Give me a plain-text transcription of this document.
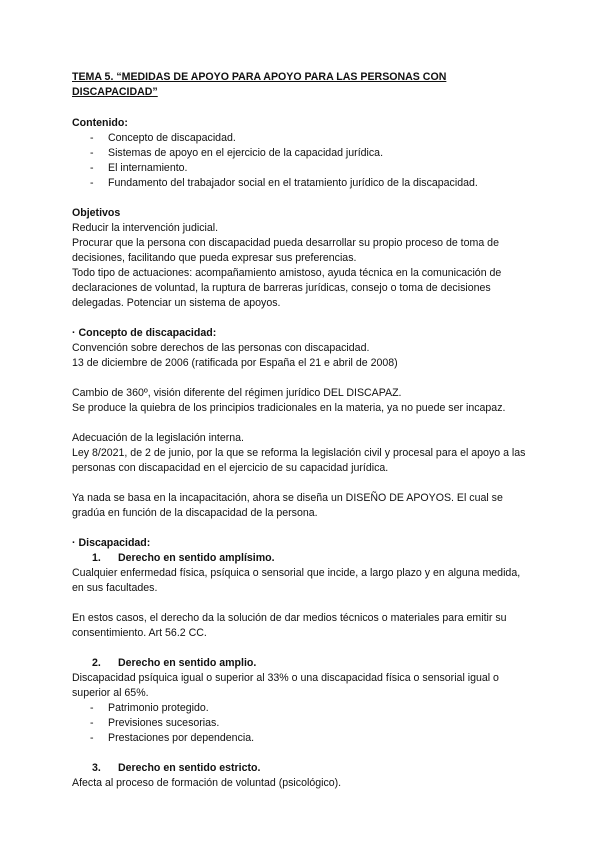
TEMA 5. “MEDIDAS DE APOYO PARA APOYO PARA LAS PERSONAS CON DISCAPACIDAD”

Contenido:

- Concepto de discapacidad.
- Sistemas de apoyo en el ejercicio de la capacidad jurídica.
- El internamiento.
- Fundamento del trabajador social en el tratamiento jurídico de la discapacidad.

Objetivos

Reducir la intervención judicial.

Procurar que la persona con discapacidad pueda desarrollar su propio proceso de toma de decisiones, facilitando que pueda expresar sus preferencias.

Todo tipo de actuaciones: acompañamiento amistoso, ayuda técnica en la comunicación de declaraciones de voluntad, la ruptura de barreras jurídicas, consejo o toma de decisiones delegadas. Potenciar un sistema de apoyos.

· Concepto de discapacidad:

Convención sobre derechos de las personas con discapacidad.

13 de diciembre de 2006 (ratificada por España el 21 e abril de 2008)

Cambio de 360º, visión diferente del régimen jurídico DEL DISCAPAZ.

Se produce la quiebra de los principios tradicionales en la materia, ya no puede ser incapaz.

Adecuación de la legislación interna.

Ley 8/2021, de 2 de junio, por la que se reforma la legislación civil y procesal para el apoyo a las personas con discapacidad en el ejercicio de su capacidad jurídica.

Ya nada se basa en la incapacitación, ahora se diseña un DISEÑO DE APOYOS. El cual se gradúa en función de la discapacidad de la persona.

· Discapacidad:

1.	Derecho en sentido amplísimo.

Cualquier enfermedad física, psíquica o sensorial que incide, a largo plazo y en alguna medida, en sus facultades.

En estos casos, el derecho da la solución de dar medios técnicos o materiales para emitir su consentimiento. Art 56.2 CC.

2.	Derecho en sentido amplio.

Discapacidad psíquica igual o superior al 33% o una discapacidad física o sensorial igual o superior al 65%.

- Patrimonio protegido.
- Previsiones sucesorias.
- Prestaciones por dependencia.
3.	Derecho en sentido estricto.

Afecta al proceso de formación de voluntad (psicológico).
